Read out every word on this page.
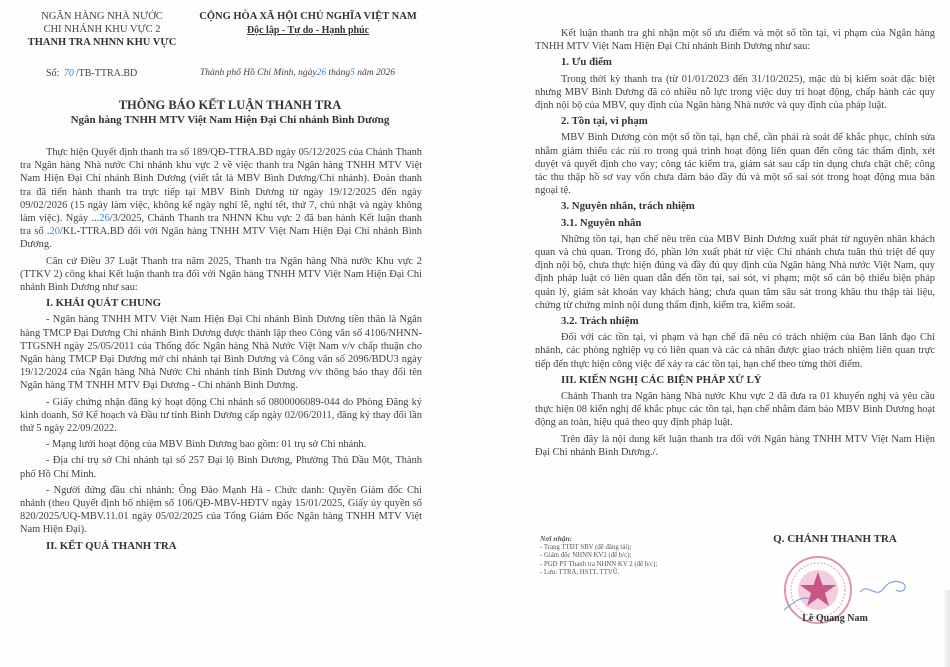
NGÂN HÀNG NHÀ NƯỚC
CHI NHÁNH KHU VỰC 2
THANH TRA NHNN KHU VỰC
CỘNG HÒA XÃ HỘI CHỦ NGHĨA VIỆT NAM
Độc lập - Tự do - Hạnh phúc
Số: 70 /TB-TTRA.BD	Thành phố Hồ Chí Minh, ngày26 tháng5 năm 2026
THÔNG BÁO KẾT LUẬN THANH TRA
Ngân hàng TNHH MTV Việt Nam Hiện Đại Chi nhánh Bình Dương

Thực hiện Quyết định thanh tra số 189/QĐ-TTRA.BD ngày 05/12/2025 của Chánh Thanh tra Ngân hàng Nhà nước Chi nhánh khu vực 2 về việc thanh tra Ngân hàng TNHH MTV Việt Nam Hiện Đại Chi nhánh Bình Dương (viết tắt là MBV Bình Dương/Chi nhánh). Đoàn thanh tra đã tiến hành thanh tra trực tiếp tại MBV Bình Dương từ ngày 19/12/2025 đến ngày 09/02/2026 (15 ngày làm việc, không kể ngày nghỉ lễ, nghỉ tết, thứ 7, chủ nhật và ngày không làm việc). Ngày ...26/3/2025, Chánh Thanh tra NHNN Khu vực 2 đã ban hành Kết luận thanh tra số .20/KL-TTRA.BD đối với Ngân hàng TNHH MTV Việt Nam Hiện Đại Chi nhánh Bình Dương.

Căn cứ Điều 37 Luật Thanh tra năm 2025, Thanh tra Ngân hàng Nhà nước Khu vực 2 (TTKV 2) công khai Kết luận thanh tra đối với Ngân hàng TNHH MTV Việt Nam Hiện Đại Chi nhánh Bình Dương như sau:

I. KHÁI QUÁT CHUNG

- Ngân hàng TNHH MTV Việt Nam Hiện Đại Chi nhánh Bình Dương tiền thân là Ngân hàng TMCP Đại Dương Chi nhánh Bình Dương được thành lập theo Công văn số 4106/NHNN-TTGSNH ngày 25/05/2011 của Thống đốc Ngân hàng Nhà Nước Việt Nam v/v chấp thuận cho Ngân hàng TMCP Đại Dương mở chi nhánh tại Bình Dương và Công văn số 2096/BDU3 ngày 19/12/2024 của Ngân hàng Nhà Nước Chi nhánh tỉnh Bình Dương v/v thông báo thay đổi tên Ngân hàng TM TNHH MTV Đại Dương - Chi nhánh Bình Dương.

- Giấy chứng nhận đăng ký hoạt động Chi nhánh số 0800006089-044 do Phòng Đăng ký kinh doanh, Sở Kế hoạch và Đầu tư tỉnh Bình Dương cấp ngày 02/06/2011, đăng ký thay đổi lần thứ 5 ngày 22/09/2022.

- Mạng lưới hoạt động của MBV Bình Dương bao gồm: 01 trụ sở Chi nhánh.

- Địa chỉ trụ sở Chi nhánh tại số 257 Đại lộ Bình Dương, Phường Thủ Dầu Một, Thành phố Hồ Chí Minh.

- Người đứng đầu chi nhánh: Ông Đào Mạnh Hà - Chức danh: Quyền Giám đốc Chi nhánh (theo Quyết định bổ nhiệm số 106/QĐ-MBV-HĐTV ngày 15/01/2025, Giấy ủy quyền số 820/2025/UQ-MBV.11.01 ngày 05/02/2025 của Tổng Giám Đốc Ngân hàng TNHH MTV Việt Nam Hiện Đại).

II. KẾT QUẢ THANH TRA

Kết luận thanh tra ghi nhận một số ưu điểm và một số tồn tại, vi phạm của Ngân hàng TNHH MTV Việt Nam Hiện Đại Chi nhánh Bình Dương như sau:

1. Ưu điểm

Trong thời kỳ thanh tra (từ 01/01/2023 đến 31/10/2025), mặc dù bị kiểm soát đặc biệt nhưng MBV Bình Dương đã có nhiều nỗ lực trong việc duy trì hoạt động, chấp hành các quy định nội bộ của MBV, quy định của Ngân hàng Nhà nước và quy định của pháp luật.

2. Tồn tại, vi phạm

MBV Bình Dương còn một số tồn tại, hạn chế, cần phải rà soát để khắc phục, chỉnh sửa nhằm giảm thiểu các rủi ro trong quá trình hoạt động liên quan đến công tác thẩm định, xét duyệt và quyết định cho vay; công tác kiểm tra, giám sát sau cấp tín dụng chưa chặt chẽ; công tác thu thập hồ sơ vay vốn chưa đảm bảo đầy đủ và một số sai sót trong hoạt động mua bán ngoại tệ.

3. Nguyên nhân, trách nhiệm
3.1. Nguyên nhân

Những tồn tại, hạn chế nêu trên của MBV Bình Dương xuất phát từ nguyên nhân khách quan và chủ quan. Trong đó, phần lớn xuất phát từ việc Chi nhánh chưa tuân thủ triệt để quy định nội bộ, chưa thực hiện đúng và đầy đủ quy định của Ngân hàng Nhà nước Việt Nam, quy định pháp luật có liên quan dẫn đến tồn tại, sai sót, vi phạm; một số cán bộ thiếu biện pháp quản lý, giám sát khoản vay khách hàng; chưa quan tâm sâu sát trong khâu thu thập tài liệu, chứng từ chứng minh nội dung thẩm định, kiểm tra, kiểm soát.

3.2. Trách nhiệm

Đối với các tồn tại, vi phạm và hạn chế đã nêu có trách nhiệm của Ban lãnh đạo Chi nhánh, các phòng nghiệp vụ có liên quan và các cá nhân được giao trách nhiệm liên quan trực tiếp đến thực hiện công việc để xảy ra các tồn tại, hạn chế theo từng thời điểm.

III. KIẾN NGHỊ CÁC BIỆN PHÁP XỬ LÝ

Chánh Thanh tra Ngân hàng Nhà nước Khu vực 2 đã đưa ra 01 khuyến nghị và yêu cầu thực hiện 08 kiến nghị để khắc phục các tồn tại, hạn chế nhằm đảm bảo MBV Bình Dương hoạt động an toàn, hiệu quả theo quy định pháp luật.

Trên đây là nội dung kết luận thanh tra đối với Ngân hàng TNHH MTV Việt Nam Hiện Đại Chi nhánh Bình Dương./.

Nơi nhận:
- Trang TTĐT SBV (để đăng tải);
- Giám đốc NHNN KV2 (để b/c);
- PGĐ PT Thanh tra NHNN KV 2 (để b/c);
- Lưu: TTRA, HSTT, TTVŨ.
Q. CHÁNH THANH TRA
Lê Quang Nam
